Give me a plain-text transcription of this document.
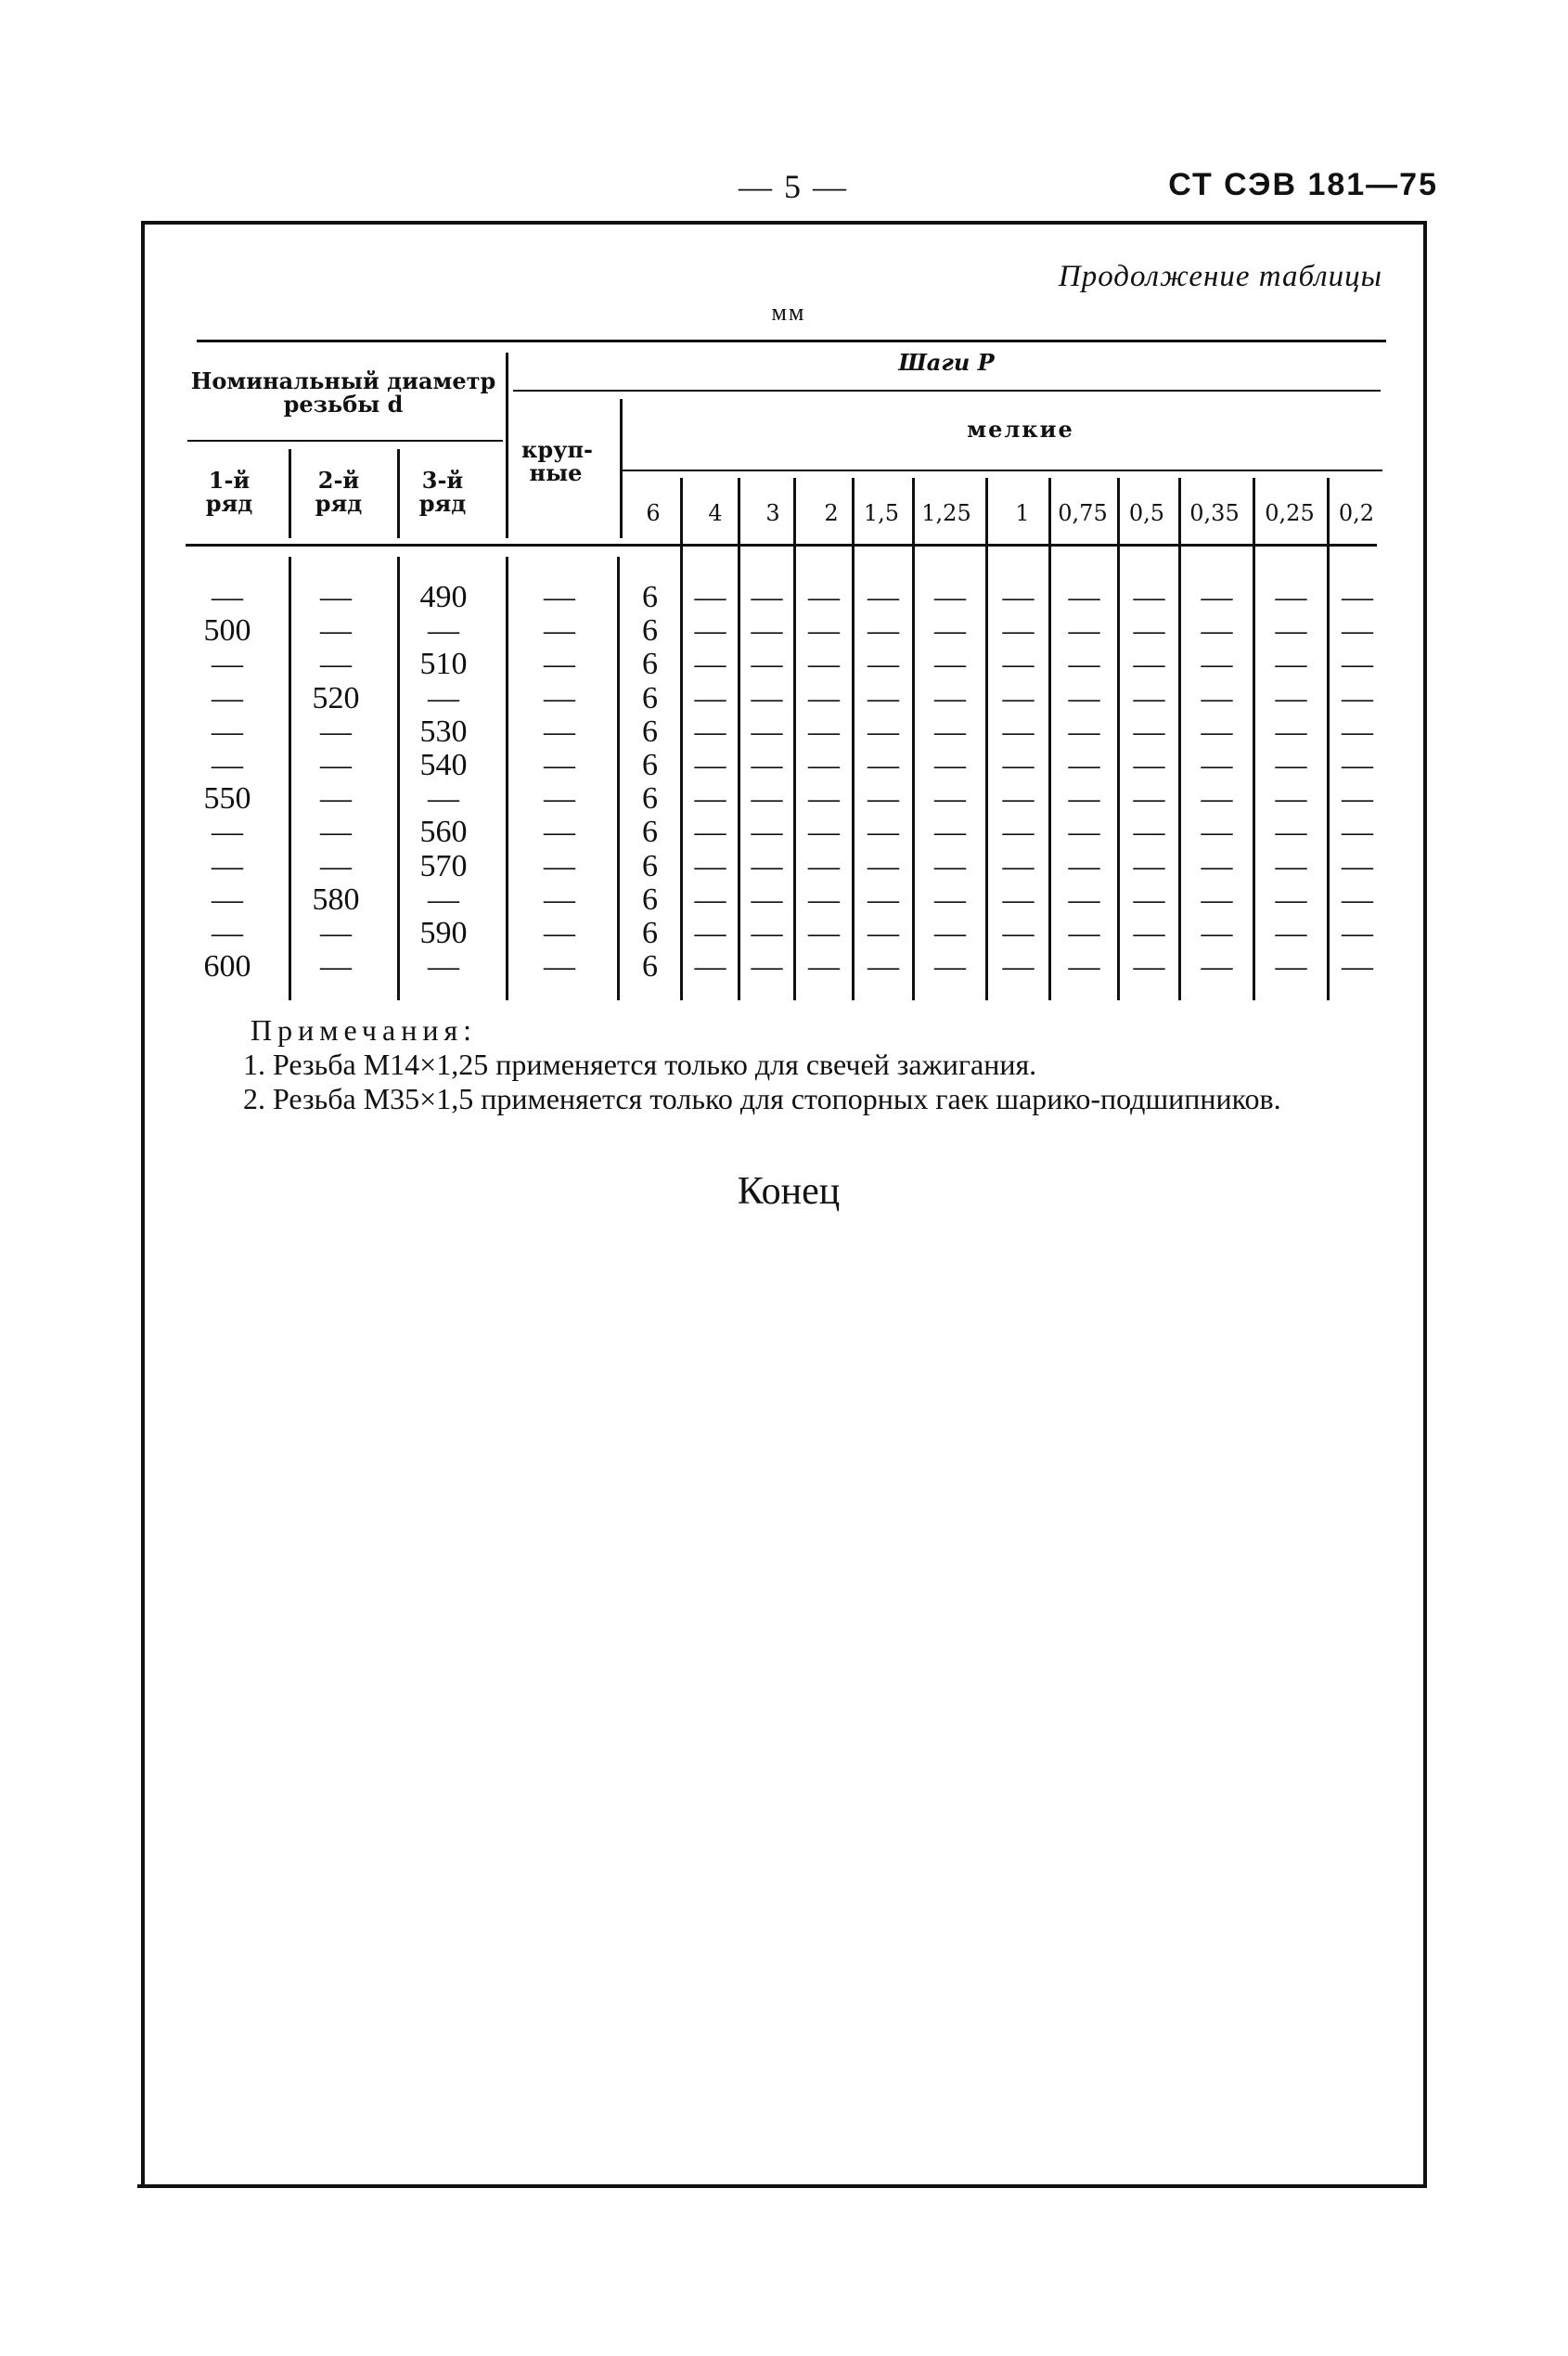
— 5 —	СТ СЭВ 181—75
Продолжение таблицы
мм
Номинальный диаметр резьбы d
1-й ряд
2-й ряд
3-й ряд
Шаги P
круп-ные
мелкие
6	4	3	2	1,5	1,25	1	0,75 0,5	0,35	0,25	0,2
—	—	490	—	6	— — — —	—	—	—	—	—	—	—
500	—	—	—	6	— — — —	—	—	—	—	—	—	—
—	—	510	—	6	— — — —	—	—	—	—	—	—	—
—	520	—	—	6	— — — —	—	—	—	—	—	—	—
—	—	530	—	6	— — — —	—	—	—	—	—	—	—
—	—	540	—	6	— — — —	—	—	—	—	—	—	—
550	—	—	—	6	— — — —	—	—	—	—	—	—	—
—	—	560	—	6	— — — —	—	—	—	—	—	—	—
—	—	570	—	6	— — — —	—	—	—	—	—	—	—
—	580	—	—	6	— — — —	—	—	—	—	—	—	—
—	—	590	—	6	— — — —	—	—	—	—	—	—	—
600	—	—	—	6	— — — —	—	—	—	—	—	—	—
Примечания:
1. Резьба M14×1,25 применяется только для свечей зажигания.
2. Резьба M35×1,5 применяется только для стопорных гаек шарико-подшипников.
Конец
